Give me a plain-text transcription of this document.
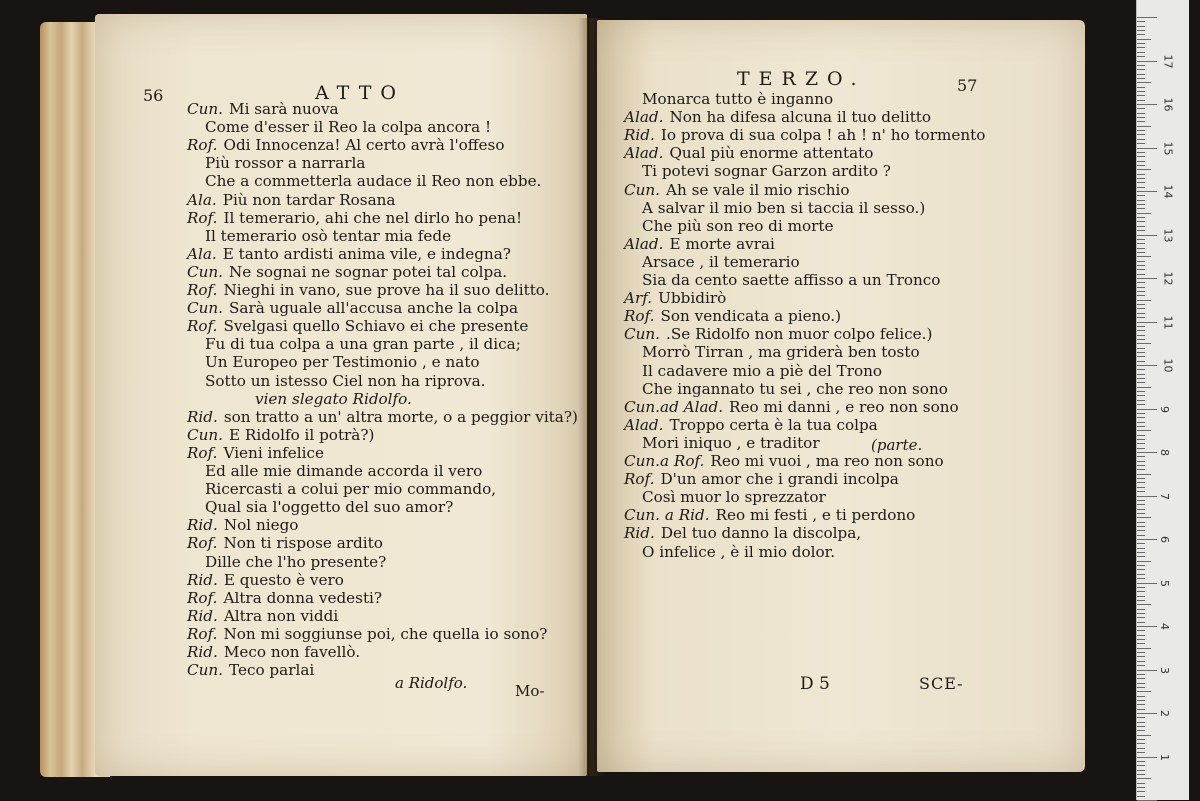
56	ATTO
Cun. Mi sarà nuova
Come d'esser il Reo la colpa ancora !
Rof. Odi Innocenza! Al certo avrà l'offeso
Più rossor a narrarla
Che a commetterla audace il Reo non ebbe.
Ala. Più non tardar Rosana
Rof. Il temerario, ahi che nel dirlo ho pena!
Il temerario osò tentar mia fede
Ala. E tanto ardisti anima vile, e indegna?
Cun. Ne sognai ne sognar potei tal colpa.
Rof. Nieghi in vano, sue prove ha il suo delitto.
Cun. Sarà uguale all'accusa anche la colpa
Rof. Svelgasi quello Schiavo ei che presente
Fu di tua colpa a una gran parte , il dica;
Un Europeo per Testimonio , e nato
Sotto un istesso Ciel non ha riprova.
vien slegato Ridolfo.
Rid. son tratto a un' altra morte, o a peggior vita?)
Cun. E Ridolfo il potrà?)
Rof. Vieni infelice
Ed alle mie dimande accorda il vero
Ricercasti a colui per mio commando,
Qual sia l'oggetto del suo amor?
Rid. Nol niego
Rof. Non ti rispose ardito
Dille che l'ho presente?
Rid. E questo è vero
Rof. Altra donna vedesti?
Rid. Altra non viddi
Rof. Non mi soggiunse poi, che quella io sono?
Rid. Meco non favellò.
Cun. Teco parlai
a Ridolfo.	Mo-
TERZO.	57
Monarca tutto è inganno
Alad. Non ha difesa alcuna il tuo delitto
Rid. Io prova di sua colpa ! ah ! n' ho tormento
Alad. Qual più enorme attentato
Ti potevi sognar Garzon ardito ?
Cun. Ah se vale il mio rischio
A salvar il mio ben si taccia il sesso.)
Che più son reo di morte
Alad. E morte avrai
Arsace , il temerario
Sia da cento saette affisso a un Tronco
Arf. Ubbidirò
Rof. Son vendicata a pieno.)
Cun. .Se Ridolfo non muor colpo felice.)
Morrò Tirran , ma griderà ben tosto
Il cadavere mio a piè del Trono
Che ingannato tu sei , che reo non sono
Cun.ad Alad. Reo mi danni , e reo non sono
Alad. Troppo certa è la tua colpa
Mori iniquo , e traditor
Cun.a Rof. Reo mi vuoi , ma reo non sono
Rof. D'un amor che i grandi incolpa
Così muor lo sprezzator
Cun. a Rid. Reo mi festi , e ti perdono
Rid. Del tuo danno la discolpa,
O infelice , è il mio dolor.
(parte.
D 5	SCE-
1
2
3
4
5
6
7
8
9
10
11
12
13
14
15
16
17
